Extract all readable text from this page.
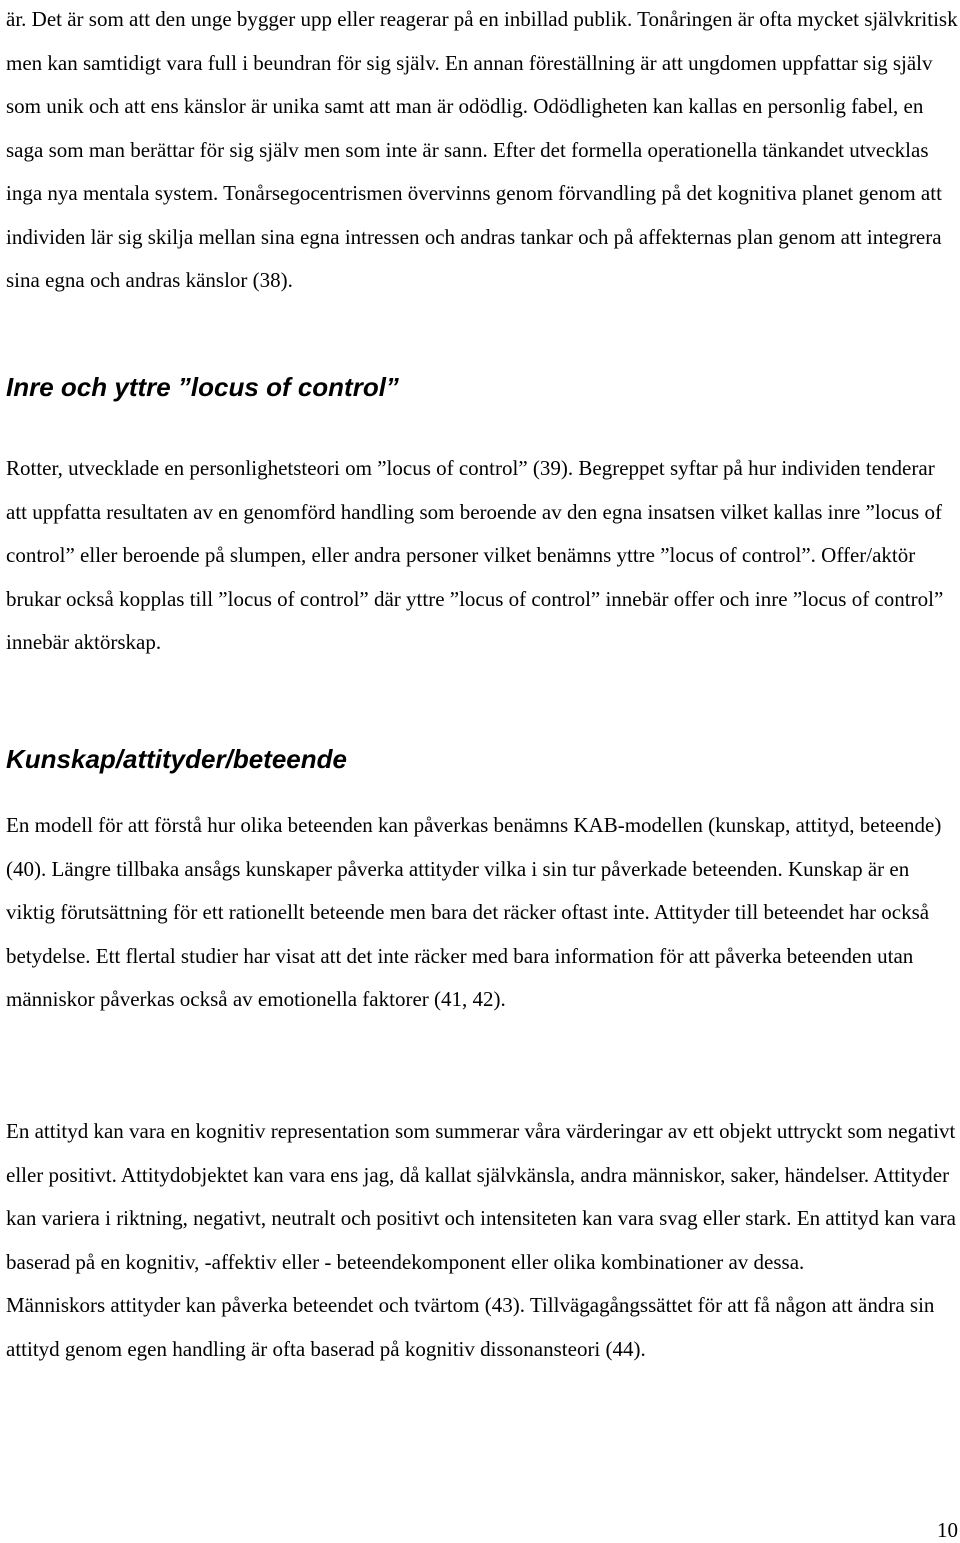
är. Det är som att den unge bygger upp eller reagerar på en inbillad publik. Tonåringen är ofta mycket självkritisk men kan samtidigt vara full i beundran för sig själv. En annan föreställning är att ungdomen uppfattar sig själv som unik och att ens känslor är unika samt att man är odödlig. Odödligheten kan kallas en personlig fabel, en saga som man berättar för sig själv men som inte är sann. Efter det formella operationella tänkandet utvecklas inga nya mentala system. Tonårsegocentrismen övervinns genom förvandling på det kognitiva planet genom att individen lär sig skilja mellan sina egna intressen och andras tankar och på affekternas plan genom att integrera sina egna och andras känslor (38).

Inre och yttre ”locus of control”

Rotter, utvecklade en personlighetsteori om ”locus of control” (39). Begreppet syftar på hur individen tenderar att uppfatta resultaten av en genomförd handling som beroende av den egna insatsen vilket kallas inre ”locus of control” eller beroende på slumpen, eller andra personer vilket benämns yttre ”locus of control”. Offer/aktör brukar också kopplas till ”locus of control” där yttre ”locus of control” innebär offer och inre ”locus of control” innebär aktörskap.

Kunskap/attityder/beteende

En modell för att förstå hur olika beteenden kan påverkas benämns KAB-modellen (kunskap, attityd, beteende) (40). Längre tillbaka ansågs kunskaper påverka attityder vilka i sin tur påverkade beteenden. Kunskap är en viktig förutsättning för ett rationellt beteende men bara det räcker oftast inte. Attityder till beteendet har också betydelse. Ett flertal studier har visat att det inte räcker med bara information för att påverka beteenden utan människor påverkas också av emotionella faktorer (41, 42).

En attityd kan vara en kognitiv representation som summerar våra värderingar av ett objekt uttryckt som negativt eller positivt. Attitydobjektet kan vara ens jag, då kallat självkänsla, andra människor, saker, händelser. Attityder kan variera i riktning, negativt, neutralt och positivt och intensiteten kan vara svag eller stark. En attityd kan vara baserad på en kognitiv, -affektiv eller - beteendekomponent eller olika kombinationer av dessa.

Människors attityder kan påverka beteendet och tvärtom (43). Tillvägagångssättet för att få någon att ändra sin attityd genom egen handling är ofta baserad på kognitiv dissonansteori (44).

10
